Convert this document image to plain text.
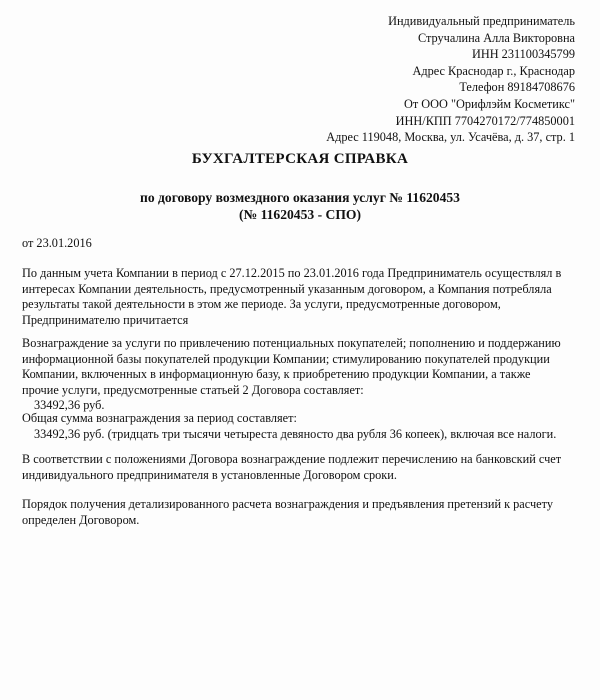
Индивидуальный предприниматель
Стручалина Алла Викторовна
ИНН 231100345799
Адрес Краснодар г., Краснодар
Телефон 89184708676
От ООО "Орифлэйм Косметикс"
ИНН/КПП 7704270172/774850001
Адрес 119048, Москва, ул. Усачёва, д. 37, стр. 1
БУХГАЛТЕРСКАЯ СПРАВКА
по договору возмездного оказания услуг № 11620453
(№ 11620453 - СПО)
от 23.01.2016
По данным учета Компании в период с 27.12.2015 по 23.01.2016 года Предприниматель осуществлял в
интересах Компании деятельность, предусмотренный указанным договором, а Компания потребляла
результаты такой деятельности в этом же периоде. За услуги, предусмотренные договором,
Предпринимателю причитается
Вознаграждение за услуги по привлечению потенциальных покупателей; пополнению и поддержанию
информационной базы покупателей продукции Компании; стимулированию покупателей продукции
Компании, включенных в информационную базу, к приобретению продукции Компании, а также
прочие услуги, предусмотренные статьей 2 Договора составляет:
33492,36 руб.
Общая сумма вознаграждения за период составляет:
33492,36 руб. (тридцать три тысячи четыреста девяносто два рубля 36 копеек), включая все налоги.
В соответствии с положениями Договора вознаграждение подлежит перечислению на банковский счет
индивидуального предпринимателя в установленные Договором сроки.
Порядок получения детализированного расчета вознаграждения и предъявления претензий к расчету
определен Договором.
